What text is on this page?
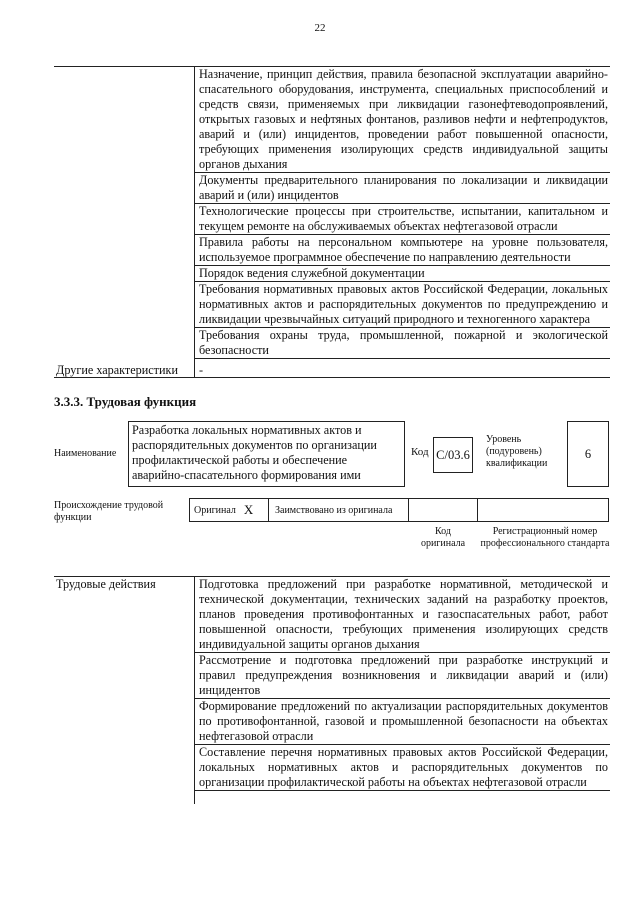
22
Назначение, принцип действия, правила безопасной эксплуатации аварийно-спасательного оборудования, инструмента, специальных приспособлений и средств связи, применяемых при ликвидации газонефтеводопроявлений, открытых газовых и нефтяных фонтанов, разливов нефти и нефтепродуктов, аварий и (или) инцидентов, проведении работ повышенной опасности, требующих применения изолирующих средств индивидуальной защиты органов дыхания
Документы предварительного планирования по локализации и ликвидации аварий и (или) инцидентов
Технологические процессы при строительстве, испытании, капитальном и текущем ремонте на обслуживаемых объектах нефтегазовой отрасли
Правила работы на персональном компьютере на уровне пользователя, используемое программное обеспечение по направлению деятельности
Порядок ведения служебной документации
Требования нормативных правовых актов Российской Федерации, локальных нормативных актов и распорядительных документов по предупреждению и ликвидации чрезвычайных ситуаций природного и техногенного характера
Требования охраны труда, промышленной, пожарной и экологической безопасности
Другие характеристики -
3.3.3. Трудовая функция
Наименование
Разработка локальных нормативных актов и распорядительных документов по организации профилактической работы и обеспечение аварийно-спасательного формирования ими
Код С/03.6
Уровень (подуровень) квалификации
6
Происхождение трудовой функции
Оригинал X Заимствовано из оригинала
Код оригинала
Регистрационный номер профессионального стандарта
Трудовые действия	Подготовка предложений при разработке нормативной, методической и технической документации, технических заданий на разработку проектов, планов проведения противофонтанных и газоспасательных работ, работ повышенной опасности, требующих применения изолирующих средств индивидуальной защиты органов дыхания
Рассмотрение и подготовка предложений при разработке инструкций и правил предупреждения возникновения и ликвидации аварий и (или) инцидентов
Формирование предложений по актуализации распорядительных документов по противофонтанной, газовой и промышленной безопасности на объектах нефтегазовой отрасли
Составление перечня нормативных правовых актов Российской Федерации, локальных нормативных актов и распорядительных документов по организации профилактической работы на объектах нефтегазовой отрасли
